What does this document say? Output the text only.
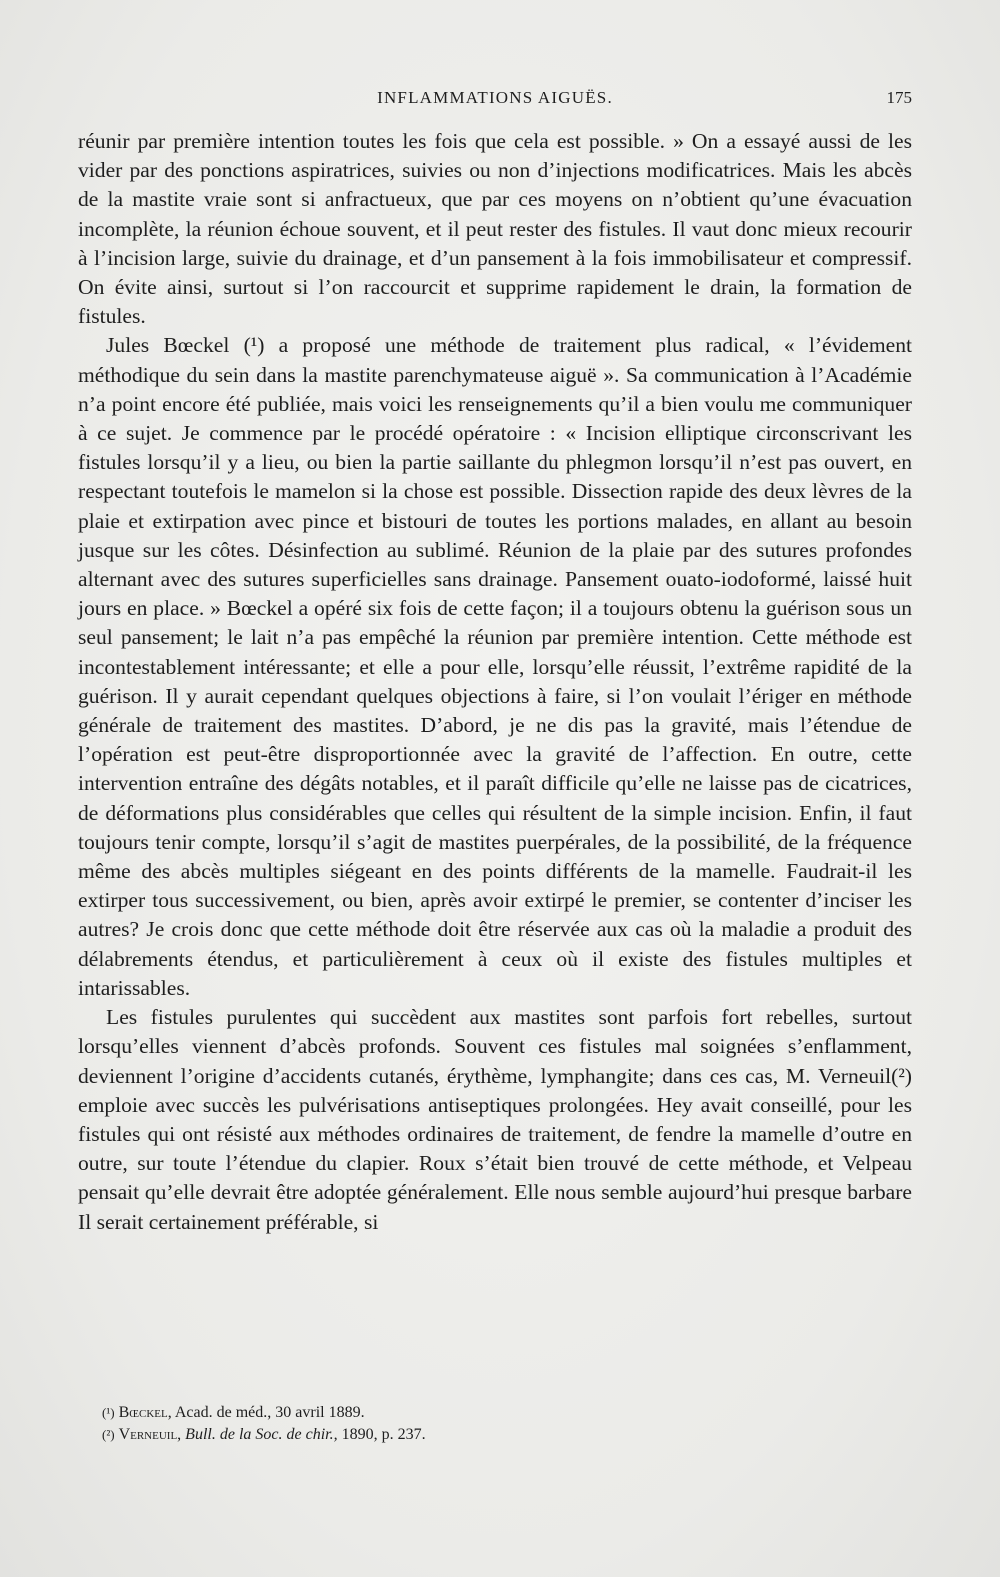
INFLAMMATIONS AIGUËS.	175

réunir par première intention toutes les fois que cela est possible. » On a essayé aussi de les vider par des ponctions aspiratrices, suivies ou non d’injections modificatrices. Mais les abcès de la mastite vraie sont si anfractueux, que par ces moyens on n’obtient qu’une évacuation incomplète, la réunion échoue souvent, et il peut rester des fistules. Il vaut donc mieux recourir à l’incision large, suivie du drainage, et d’un pansement à la fois immobilisateur et compressif. On évite ainsi, surtout si l’on raccourcit et supprime rapidement le drain, la formation de fistules.

Jules Bœckel (¹) a proposé une méthode de traitement plus radical, « l’évidement méthodique du sein dans la mastite parenchymateuse aiguë ». Sa communication à l’Académie n’a point encore été publiée, mais voici les renseignements qu’il a bien voulu me communiquer à ce sujet. Je commence par le procédé opératoire : « Incision elliptique circonscrivant les fistules lorsqu’il y a lieu, ou bien la partie saillante du phlegmon lorsqu’il n’est pas ouvert, en respectant toutefois le mamelon si la chose est possible. Dissection rapide des deux lèvres de la plaie et extirpation avec pince et bistouri de toutes les portions malades, en allant au besoin jusque sur les côtes. Désinfection au sublimé. Réunion de la plaie par des sutures profondes alternant avec des sutures superficielles sans drainage. Pansement ouato-iodoformé, laissé huit jours en place. » Bœckel a opéré six fois de cette façon; il a toujours obtenu la guérison sous un seul pansement; le lait n’a pas empêché la réunion par première intention. Cette méthode est incontestablement intéressante; et elle a pour elle, lorsqu’elle réussit, l’extrême rapidité de la guérison. Il y aurait cependant quelques objections à faire, si l’on voulait l’ériger en méthode générale de traitement des mastites. D’abord, je ne dis pas la gravité, mais l’étendue de l’opération est peut-être disproportionnée avec la gravité de l’affection. En outre, cette intervention entraîne des dégâts notables, et il paraît difficile qu’elle ne laisse pas de cicatrices, de déformations plus considérables que celles qui résultent de la simple incision. Enfin, il faut toujours tenir compte, lorsqu’il s’agit de mastites puerpérales, de la possibilité, de la fréquence même des abcès multiples siégeant en des points différents de la mamelle. Faudrait-il les extirper tous successivement, ou bien, après avoir extirpé le premier, se contenter d’inciser les autres? Je crois donc que cette méthode doit être réservée aux cas où la maladie a produit des délabrements étendus, et particulièrement à ceux où il existe des fistules multiples et intarissables.

Les fistules purulentes qui succèdent aux mastites sont parfois fort rebelles, surtout lorsqu’elles viennent d’abcès profonds. Souvent ces fistules mal soignées s’enflamment, deviennent l’origine d’accidents cutanés, érythème, lymphangite; dans ces cas, M. Verneuil(²) emploie avec succès les pulvérisations antiseptiques prolongées. Hey avait conseillé, pour les fistules qui ont résisté aux méthodes ordinaires de traitement, de fendre la mamelle d’outre en outre, sur toute l’étendue du clapier. Roux s’était bien trouvé de cette méthode, et Velpeau pensait qu’elle devrait être adoptée généralement. Elle nous semble aujourd’hui presque barbare Il serait certainement préférable, si

(¹) Bœckel, Acad. de méd., 30 avril 1889.

(²) Verneuil, Bull. de la Soc. de chir., 1890, p. 237.
